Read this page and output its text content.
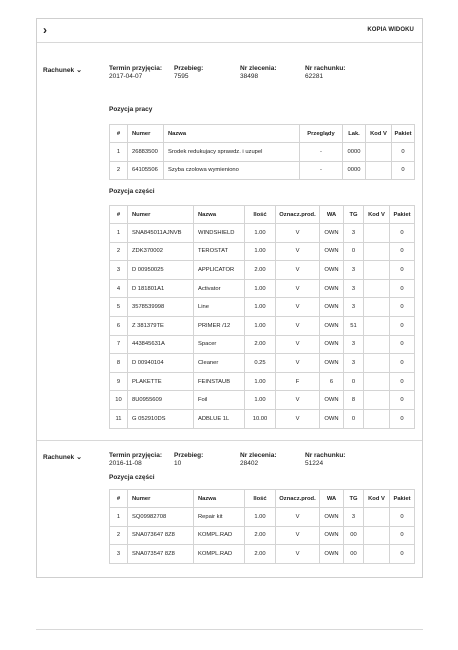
›	KOPIA WIDOKU
Rachunek ⌄	Termin przyjęcia:
2017-04-07
Przebieg:
7595
Nr zlecenia:
38498
Nr rachunku:
62281
Pozycja pracy
#	Numer	Nazwa	Przeglądy	Lak.	Kod V	Pakiet
1	26883500	Srodek redukujacy sprawdz. i uzupel	-	0000		0
2	64105506	Szyba czolowa wymieniono	-	0000		0
Pozycja części
#	Numer	Nazwa	Ilość	Oznacz.prod.	WA	TG	Kod V	Pakiet
1	SNA845011AJNVB	WINDSHIELD	1.00	V	OWN	3		0
2	ZDK370002	TEROSTAT	1.00	V	OWN	0		0
3	D 00950025	APPLICATOR	2.00	V	OWN	3		0
4	D 181801A1	Activator	1.00	V	OWN	3		0
5	3578539998	Line	1.00	V	OWN	3		0
6	Z 381379TE	PRIMER /12	1.00	V	OWN	51		0
7	443845631A	Spacer	2.00	V	OWN	3		0
8	D 00940104	Cleaner	0.25	V	OWN	3		0
9	PLAKETTE	FEINSTAUB	1.00	F	6	0		0
10	8U0955609	Foil	1.00	V	OWN	8		0
11	G 052910DS	ADBLUE 1L	10.00	V	OWN	0		0
Rachunek ⌄	Termin przyjęcia:
2016-11-08
Przebieg:
10
Nr zlecenia:
28402
Nr rachunku:
51224
Pozycja części
#	Numer	Nazwa	Ilość	Oznacz.prod.	WA	TG	Kod V	Pakiet
1	SQ09982708	Repair kit	1.00	V	OWN	3		0
2	SNA073647 8Z8	KOMPL.RAD	2.00	V	OWN	00		0
3	SNA073547 8Z8	KOMPL.RAD	2.00	V	OWN	00		0
